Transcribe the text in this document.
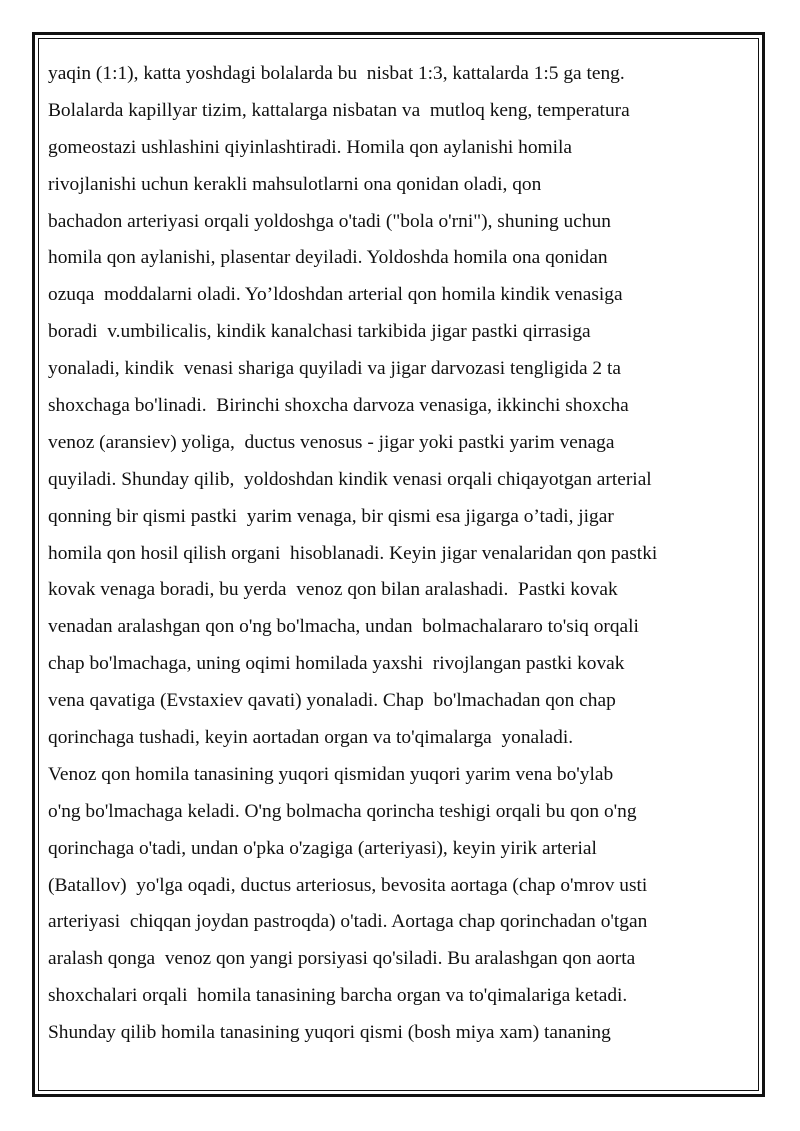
yaqin (1:1), katta yoshdagi bolalarda bu  nisbat 1:3, kattalarda 1:5 ga teng.
Bolalarda kapillyar tizim, kattalarga nisbatan va  mutloq keng, temperatura
gomeostazi ushlashini qiyinlashtiradi. Homila qon aylanishi homila
rivojlanishi uchun kerakli mahsulotlarni ona qonidan oladi, qon
bachadon arteriyasi orqali yoldoshga o'tadi ("bola o'rni"), shuning uchun
homila qon aylanishi, plasentar deyiladi. Yoldoshda homila ona qonidan
ozuqa  moddalarni oladi. Yo’ldoshdan arterial qon homila kindik venasiga
boradi  v.umbilicalis, kindik kanalchasi tarkibida jigar pastki qirrasiga
yonaladi, kindik  venasi shariga quyiladi va jigar darvozasi tengligida 2 ta
shoxchaga bo'linadi.  Birinchi shoxcha darvoza venasiga, ikkinchi shoxcha
venoz (aransiev) yoliga,  ductus venosus - jigar yoki pastki yarim venaga
quyiladi. Shunday qilib,  yoldoshdan kindik venasi orqali chiqayotgan arterial
qonning bir qismi pastki  yarim venaga, bir qismi esa jigarga o’tadi, jigar
homila qon hosil qilish organi  hisoblanadi. Keyin jigar venalaridan qon pastki
kovak venaga boradi, bu yerda  venoz qon bilan aralashadi.  Pastki kovak
venadan aralashgan qon o'ng bo'lmacha, undan  bolmachalararo to'siq orqali
chap bo'lmachaga, uning oqimi homilada yaxshi  rivojlangan pastki kovak
vena qavatiga (Evstaxiev qavati) yonaladi. Chap  bo'lmachadan qon chap
qorinchaga tushadi, keyin aortadan organ va to'qimalarga  yonaladi.
Venoz qon homila tanasining yuqori qismidan yuqori yarim vena bo'ylab
o'ng bo'lmachaga keladi. O'ng bolmacha qorincha teshigi orqali bu qon o'ng
qorinchaga o'tadi, undan o'pka o'zagiga (arteriyasi), keyin yirik arterial
(Batallov)  yo'lga oqadi, ductus arteriosus, bevosita aortaga (chap o'mrov usti
arteriyasi  chiqqan joydan pastroqda) o'tadi. Aortaga chap qorinchadan o'tgan
aralash qonga  venoz qon yangi porsiyasi qo'siladi. Bu aralashgan qon aorta
shoxchalari orqali  homila tanasining barcha organ va to'qimalariga ketadi.
Shunday qilib homila tanasining yuqori qismi (bosh miya xam) tananing
